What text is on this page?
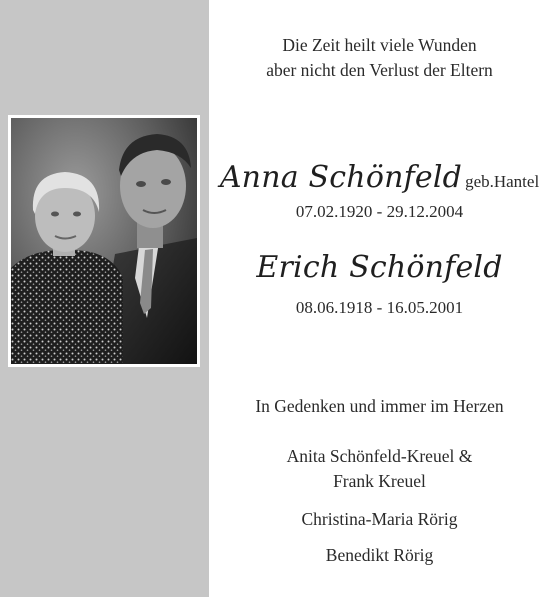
Die Zeit heilt viele Wunden

aber nicht den Verlust der Eltern

Anna Schönfeld geb.Hantel

07.02.1920 - 29.12.2004

Erich Schönfeld

08.06.1918 - 16.05.2001

In Gedenken und immer im Herzen

Anita Schönfeld-Kreuel &

Frank Kreuel

Christina-Maria Rörig

Benedikt Rörig
